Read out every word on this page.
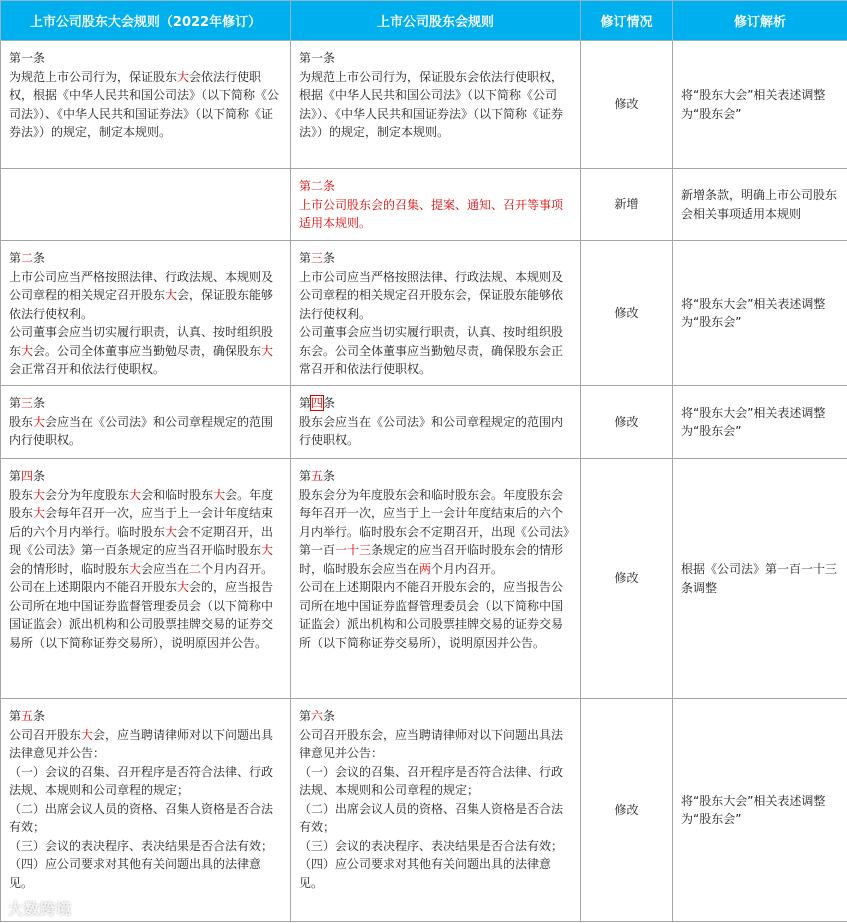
上市公司股东大会规则（2022年修订）	上市公司股东会规则	修订情况	修订解析

第一条
为规范上市公司行为，保证股东大会依法行使职权，根据《中华人民共和国公司法》（以下简称《公司法》）、《中华人民共和国证券法》（以下简称《证券法》）的规定，制定本规则。	第一条
为规范上市公司行为，保证股东会依法行使职权，根据《中华人民共和国公司法》（以下简称《公司法》）、《中华人民共和国证券法》（以下简称《证券法》）的规定，制定本规则。	修改	将“股东大会”相关表述调整为“股东会”

	第二条
上市公司股东会的召集、提案、通知、召开等事项适用本规则。	新增	新增条款，明确上市公司股东会相关事项适用本规则

第二条
上市公司应当严格按照法律、行政法规、本规则及公司章程的相关规定召开股东大会，保证股东能够依法行使权利。
公司董事会应当切实履行职责，认真、按时组织股东大会。公司全体董事应当勤勉尽责，确保股东大会正常召开和依法行使职权。	第三条
上市公司应当严格按照法律、行政法规、本规则及公司章程的相关规定召开股东会，保证股东能够依法行使权利。
公司董事会应当切实履行职责，认真、按时组织股东会。公司全体董事应当勤勉尽责，确保股东会正常召开和依法行使职权。	修改	将“股东大会”相关表述调整为“股东会”

第三条
股东大会应当在《公司法》和公司章程规定的范围内行使职权。	第四条
股东会应当在《公司法》和公司章程规定的范围内行使职权。	修改	将“股东大会”相关表述调整为“股东会”

第四条
股东大会分为年度股东大会和临时股东大会。年度股东大会每年召开一次，应当于上一会计年度结束后的六个月内举行。临时股东大会不定期召开，出现《公司法》第一百条规定的应当召开临时股东大会的情形时，临时股东大会应当在二个月内召开。
公司在上述期限内不能召开股东大会的，应当报告公司所在地中国证券监督管理委员会（以下简称中国证监会）派出机构和公司股票挂牌交易的证券交易所（以下简称证券交易所），说明原因并公告。

第五条
股东会分为年度股东会和临时股东会。年度股东会每年召开一次，应当于上一会计年度结束后的六个月内举行。临时股东会不定期召开，出现《公司法》第一百一十三条规定的应当召开临时股东会的情形时，临时股东会应当在两个月内召开。
公司在上述期限内不能召开股东会的，应当报告公司所在地中国证券监督管理委员会（以下简称中国证监会）派出机构和公司股票挂牌交易的证券交易所（以下简称证券交易所），说明原因并公告。
	修改	根据《公司法》第一百一十三条调整

第五条
公司召开股东大会，应当聘请律师对以下问题出具法律意见并公告：
（一）会议的召集、召开程序是否符合法律、行政法规、本规则和公司章程的规定；
（二）出席会议人员的资格、召集人资格是否合法有效；
（三）会议的表决程序、表决结果是否合法有效；
（四）应公司要求对其他有关问题出具的法律意见。

第六条
公司召开股东会，应当聘请律师对以下问题出具法律意见并公告：
（一）会议的召集、召开程序是否符合法律、行政法规、本规则和公司章程的规定；
（二）出席会议人员的资格、召集人资格是否合法有效；
（三）会议的表决程序、表决结果是否合法有效；
（四）应公司要求对其他有关问题出具的法律意见。
	修改	将“股东大会”相关表述调整为“股东会”
大数跨境
